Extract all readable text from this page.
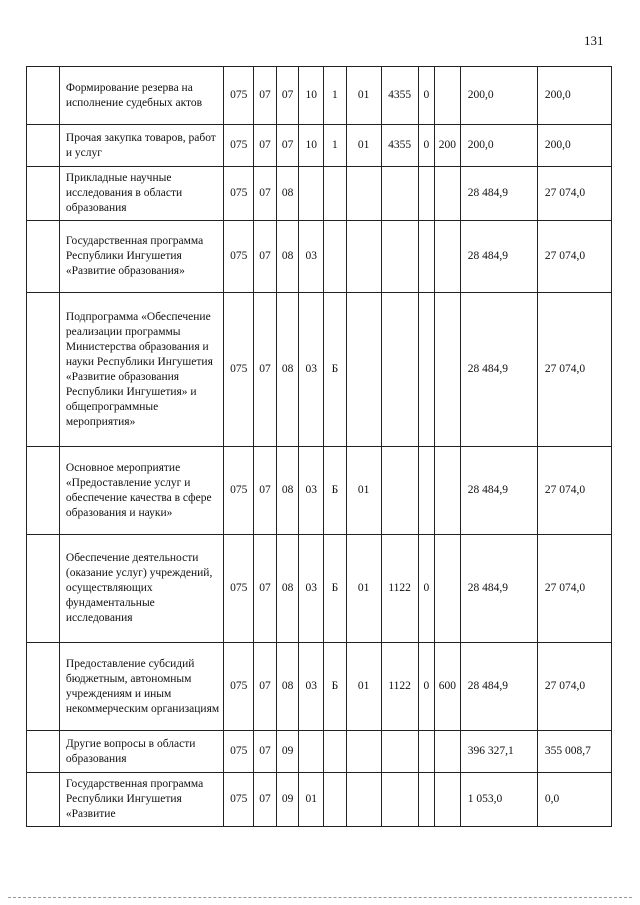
131
	Формирование резерва на исполнение судебных актов	075	07	07	10	1	01	4355	0		200,0	200,0
	Прочая закупка товаров, работ и услуг	075	07	07	10	1	01	4355	0	200	200,0	200,0
	Прикладные научные исследования в области образования	075	07	08							28 484,9	27 074,0
	Государственная программа Республики Ингушетия «Развитие образования»	075	07	08	03						28 484,9	27 074,0
	Подпрограмма «Обеспечение реализации программы Министерства образования и науки Республики Ингушетия «Развитие образования Республики Ингушетия» и общепрограммные мероприятия»	075	07	08	03	Б					28 484,9	27 074,0
	Основное мероприятие «Предоставление услуг и обеспечение качества в сфере образования и науки»	075	07	08	03	Б	01				28 484,9	27 074,0
	Обеспечение деятельности (оказание услуг) учреждений, осуществляющих фундаментальные исследования	075	07	08	03	Б	01	1122	0		28 484,9	27 074,0
	Предоставление субсидий бюджетным, автономным учреждениям и иным некоммерческим организациям	075	07	08	03	Б	01	1122	0	600	28 484,9	27 074,0
	Другие вопросы в области образования	075	07	09							396 327,1	355 008,7
	Государственная программа Республики Ингушетия «Развитие	075	07	09	01						1 053,0	0,0
